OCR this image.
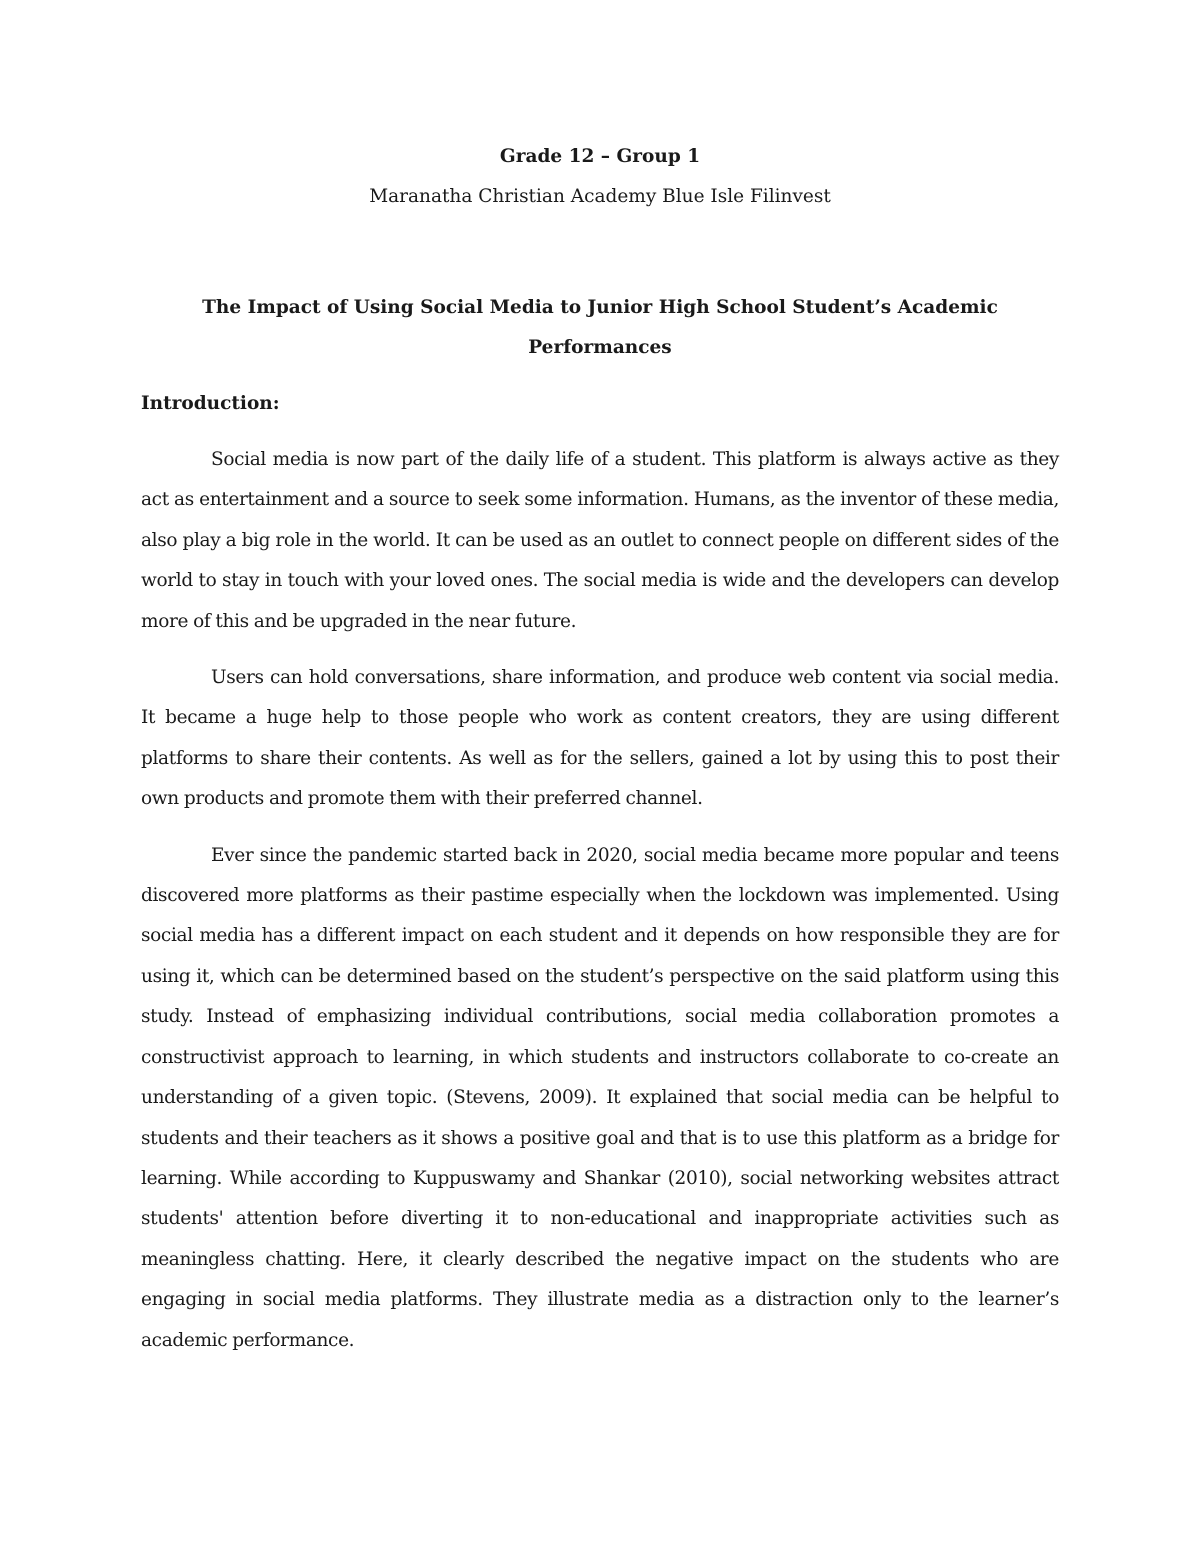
Grade 12 – Group 1

Maranatha Christian Academy Blue Isle Filinvest

The Impact of Using Social Media to Junior High School Student’s Academic Performances
Introduction:

Social media is now part of the daily life of a student. This platform is always active as they act as entertainment and a source to seek some information. Humans, as the inventor of these media, also play a big role in the world. It can be used as an outlet to connect people on different sides of the world to stay in touch with your loved ones. The social media is wide and the developers can develop more of this and be upgraded in the near future.

Users can hold conversations, share information, and produce web content via social media. It became a huge help to those people who work as content creators, they are using different platforms to share their contents. As well as for the sellers, gained a lot by using this to post their own products and promote them with their preferred channel.

Ever since the pandemic started back in 2020, social media became more popular and teens discovered more platforms as their pastime especially when the lockdown was implemented. Using social media has a different impact on each student and it depends on how responsible they are for using it, which can be determined based on the student’s perspective on the said platform using this study. Instead of emphasizing individual contributions, social media collaboration promotes a constructivist approach to learning, in which students and instructors collaborate to co-create an understanding of a given topic. (Stevens, 2009). It explained that social media can be helpful to students and their teachers as it shows a positive goal and that is to use this platform as a bridge for learning. While according to Kuppuswamy and Shankar (2010), social networking websites attract students' attention before diverting it to non-educational and inappropriate activities such as meaningless chatting. Here, it clearly described the negative impact on the students who are engaging in social media platforms. They illustrate media as a distraction only to the learner’s academic performance.
